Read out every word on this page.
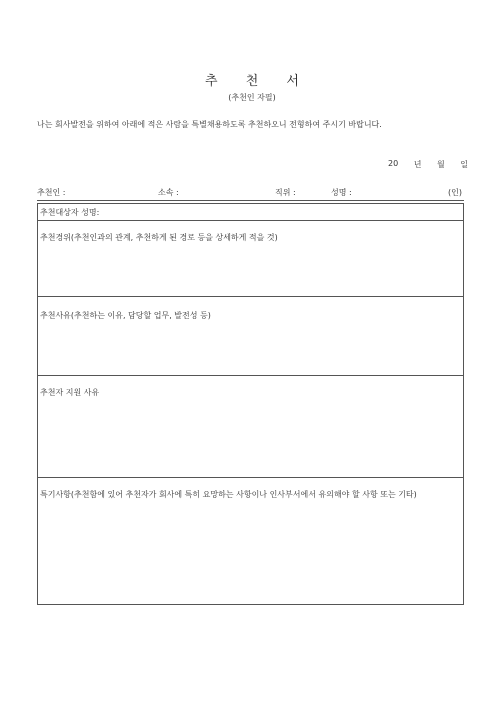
추 천 서
(추천인 자필)
나는 회사발전을 위하여 아래에 적은 사람을 특별채용하도록 추천하오니 전형하여 주시기 바랍니다.
20 년 월 일
추천인 :	소속 :	직위 :	성명 :	(인)
추천대상자 성명:
추천경위(추천인과의 관계, 추천하게 된 경로 등을 상세하게 적을 것)
추천사유(추천하는 이유, 담당할 업무, 발전성 등)
추천자 지원 사유
특기사항(추천함에 있어 추천자가 회사에 특히 요망하는 사항이나 인사부서에서 유의해야 할 사항 또는 기타)
